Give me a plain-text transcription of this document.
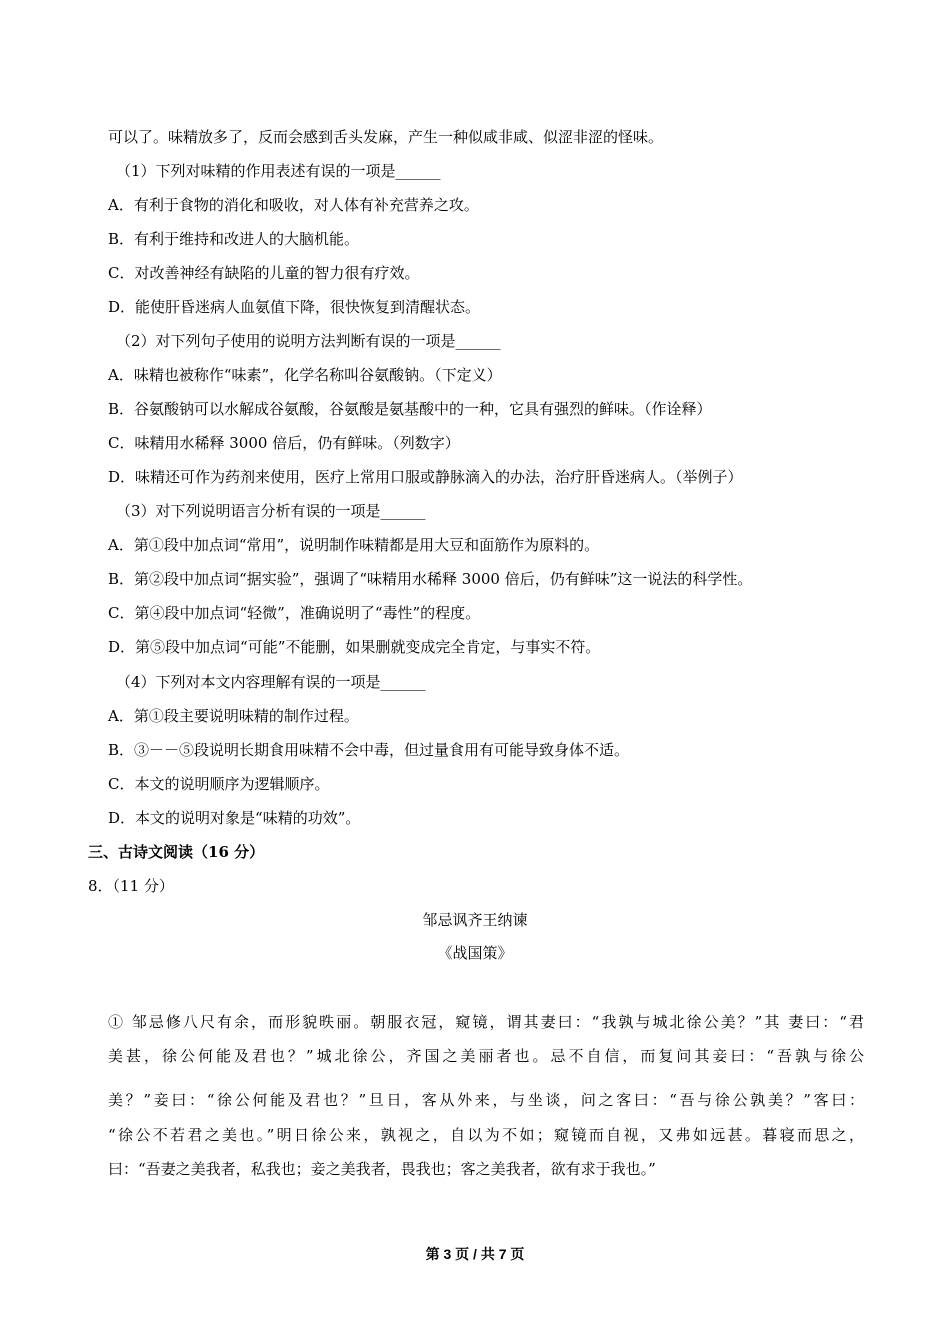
可以了。味精放多了，反而会感到舌头发麻，产生一种似咸非咸、似涩非涩的怪味。
（1）下列对味精的作用表述有误的一项是______
A．有利于食物的消化和吸收，对人体有补充营养之攻。
B．有利于维持和改进人的大脑机能。
C．对改善神经有缺陷的儿童的智力很有疗效。
D．能使肝昏迷病人血氨值下降，很快恢复到清醒状态。
（2）对下列句子使用的说明方法判断有误的一项是______
A．味精也被称作“味素”，化学名称叫谷氨酸钠。（下定义）
B．谷氨酸钠可以水解成谷氨酸，谷氨酸是氨基酸中的一种，它具有强烈的鲜味。（作诠释）
C．味精用水稀释 3000 倍后，仍有鲜味。（列数字）
D．味精还可作为药剂来使用，医疗上常用口服或静脉滴入的办法，治疗肝昏迷病人。（举例子）
（3）对下列说明语言分析有误的一项是______
A．第①段中加点词“常用”，说明制作味精都是用大豆和面筋作为原料的。
B．第②段中加点词“据实验”，强调了“味精用水稀释 3000 倍后，仍有鲜味”这一说法的科学性。
C．第④段中加点词“轻微”，准确说明了“毒性”的程度。
D．第⑤段中加点词“可能”不能删，如果删就变成完全肯定，与事实不符。
（4）下列对本文内容理解有误的一项是______
A．第①段主要说明味精的制作过程。
B．③－－⑤段说明长期食用味精不会中毒，但过量食用有可能导致身体不适。
C．本文的说明顺序为逻辑顺序。
D．本文的说明对象是“味精的功效”。
三、古诗文阅读（16 分）
8．（11 分）
邹忌讽齐王纳谏
《战国策》
① 邹忌修八尺有余，而形貌昳丽。朝服衣冠，窥镜，谓其妻曰：“我孰与城北徐公美？”其 妻曰：“君
美甚，徐公何能及君也？”城北徐公，齐国之美丽者也。忌不自信，而复问其妾曰：“吾孰与徐公
美？”妾曰：“徐公何能及君也？”旦日，客从外来，与坐谈，问之客曰：“吾与徐公孰美？”客曰：
“徐公不若君之美也。”明日徐公来，孰视之，自以为不如；窥镜而自视，又弗如远甚。暮寝而思之，
曰：“吾妻之美我者，私我也；妾之美我者，畏我也；客之美我者，欲有求于我也。”
第 3 页 / 共 7 页
